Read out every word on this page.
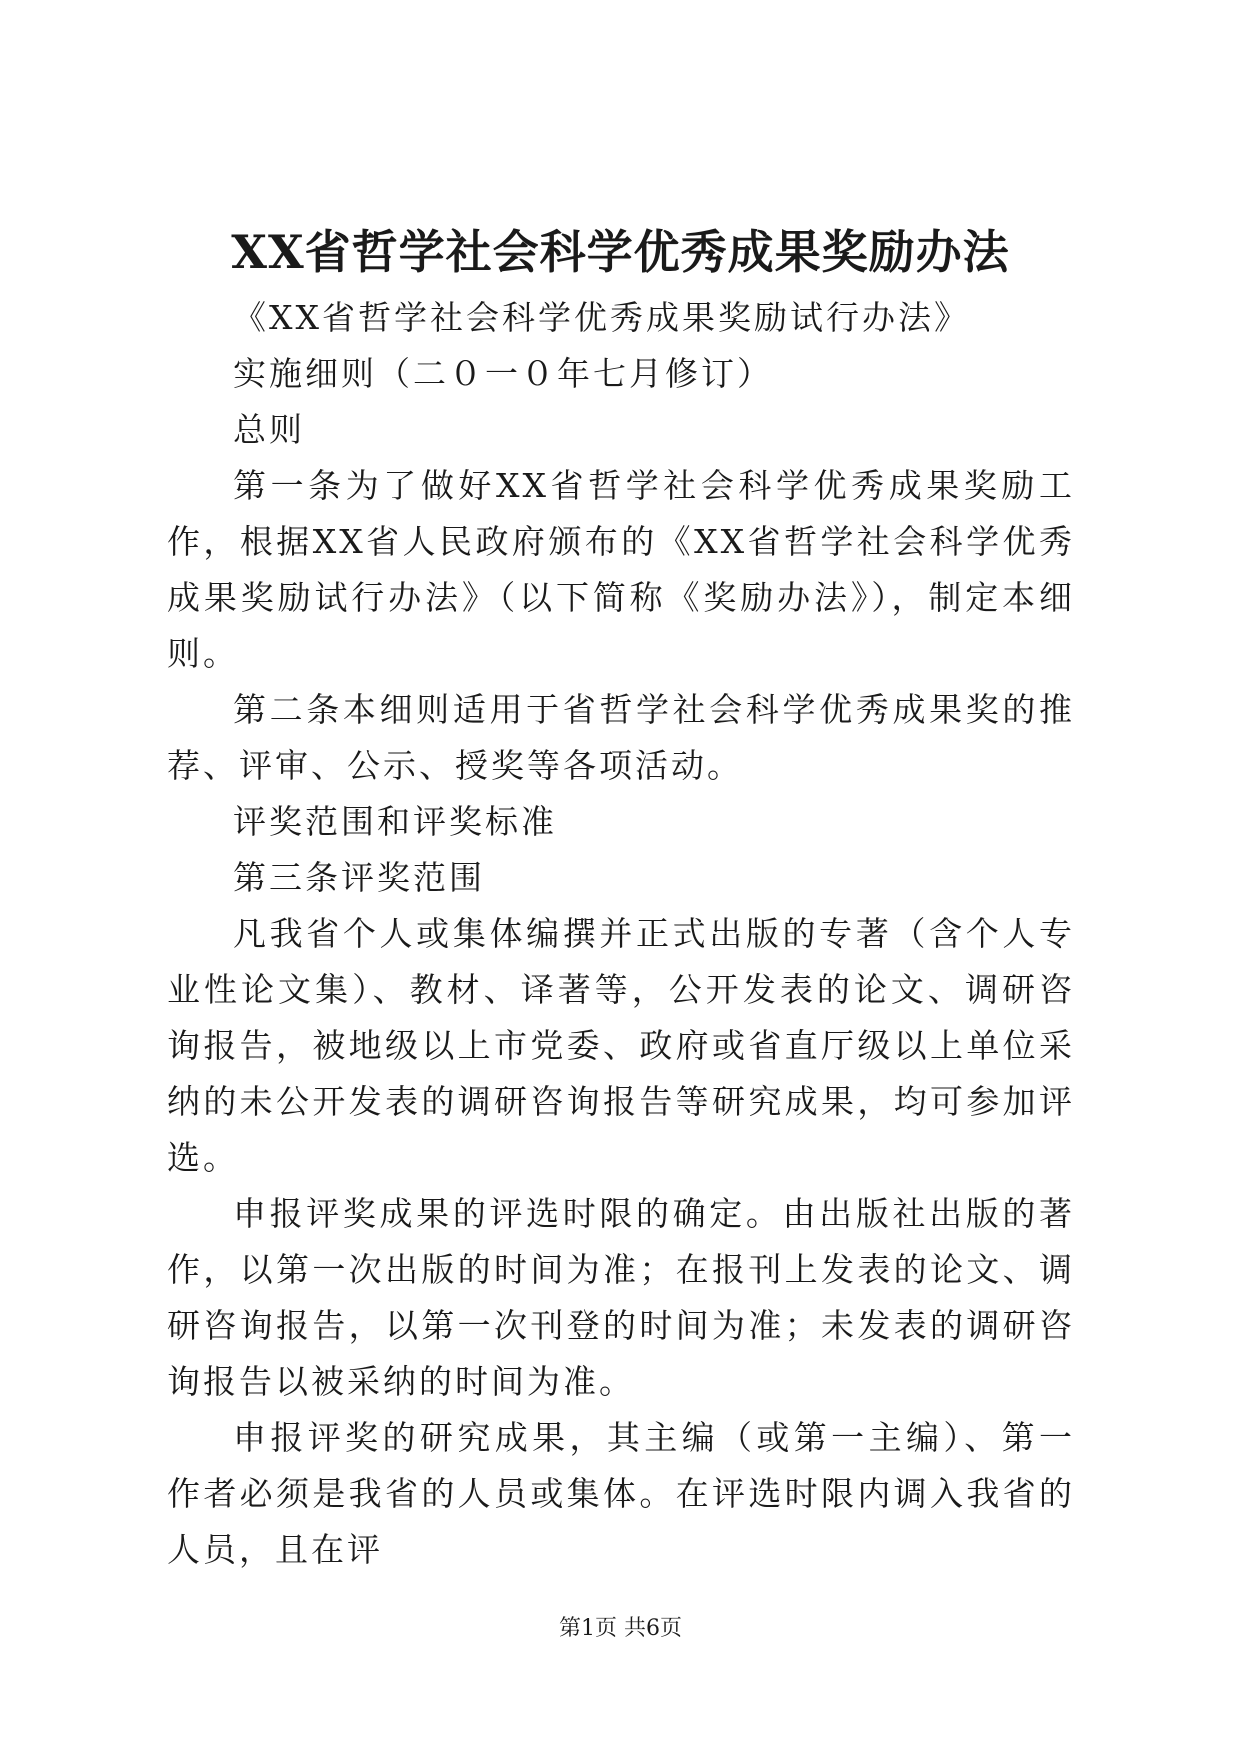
XX省哲学社会科学优秀成果奖励办法

《XX省哲学社会科学优秀成果奖励试行办法》

实施细则（二０一０年七月修订）

总则

第一条为了做好XX省哲学社会科学优秀成果奖励工作，根据XX省人民政府颁布的《XX省哲学社会科学优秀成果奖励试行办法》（以下简称《奖励办法》），制定本细则。

第二条本细则适用于省哲学社会科学优秀成果奖的推荐、评审、公示、授奖等各项活动。

评奖范围和评奖标准

第三条评奖范围

凡我省个人或集体编撰并正式出版的专著（含个人专业性论文集）、教材、译著等，公开发表的论文、调研咨询报告，被地级以上市党委、政府或省直厅级以上单位采纳的未公开发表的调研咨询报告等研究成果，均可参加评选。

申报评奖成果的评选时限的确定。由出版社出版的著作，以第一次出版的时间为准；在报刊上发表的论文、调研咨询报告，以第一次刊登的时间为准；未发表的调研咨询报告以被采纳的时间为准。

申报评奖的研究成果，其主编（或第一主编）、第一作者必须是我省的人员或集体。在评选时限内调入我省的人员，且在评

第1页 共6页
